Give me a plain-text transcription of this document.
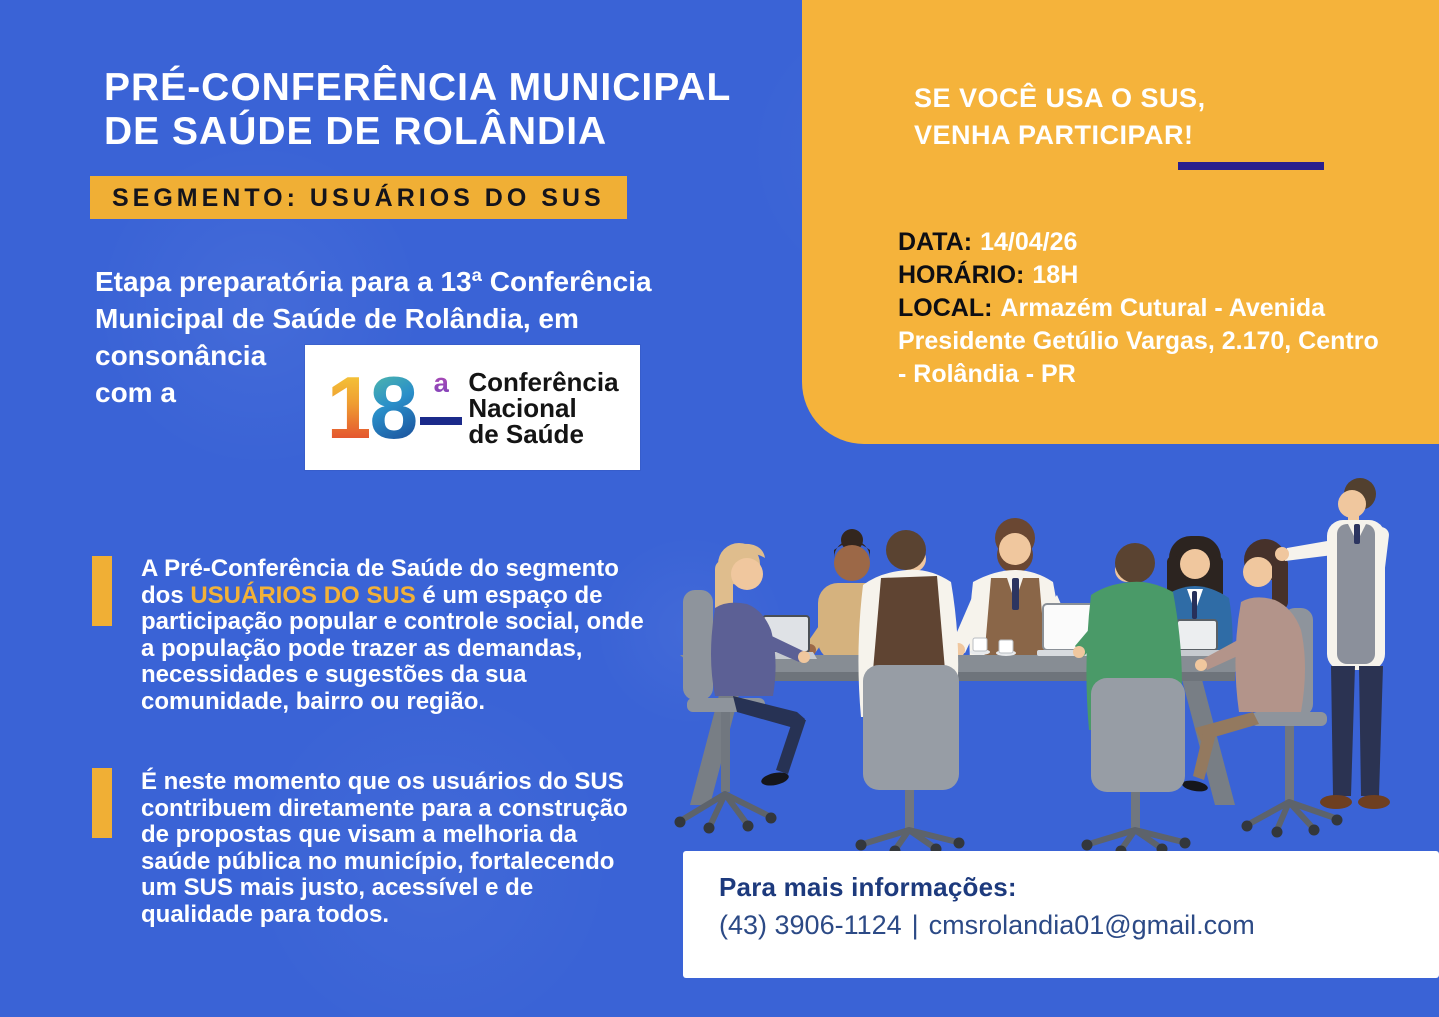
PRÉ-CONFERÊNCIA MUNICIPAL
DE SAÚDE DE ROLÂNDIA
SEGMENTO: USUÁRIOS DO SUS
Etapa preparatória para a 13ª Conferência Municipal de Saúde de Rolândia, em
consonância com a	1 8 ª Conferência
Nacional
de Saúde
SE VOCÊ USA O SUS,
VENHA PARTICIPAR!
DATA: 14/04/26
HORÁRIO: 18H
LOCAL: Armazém Cutural - Avenida Presidente Getúlio Vargas, 2.170, Centro - Rolândia - PR

A Pré-Conferência de Saúde do segmento dos USUÁRIOS DO SUS é um espaço de participação popular e controle social, onde a população pode trazer as demandas, necessidades e sugestões da sua comunidade, bairro ou região.

É neste momento que os usuários do SUS contribuem diretamente para a construção de propostas que visam a melhoria da saúde pública no município, fortalecendo um SUS mais justo, acessível e de qualidade para todos.

Para mais informações:
(43) 3906-1124 | cmsrolandia01@gmail.com
